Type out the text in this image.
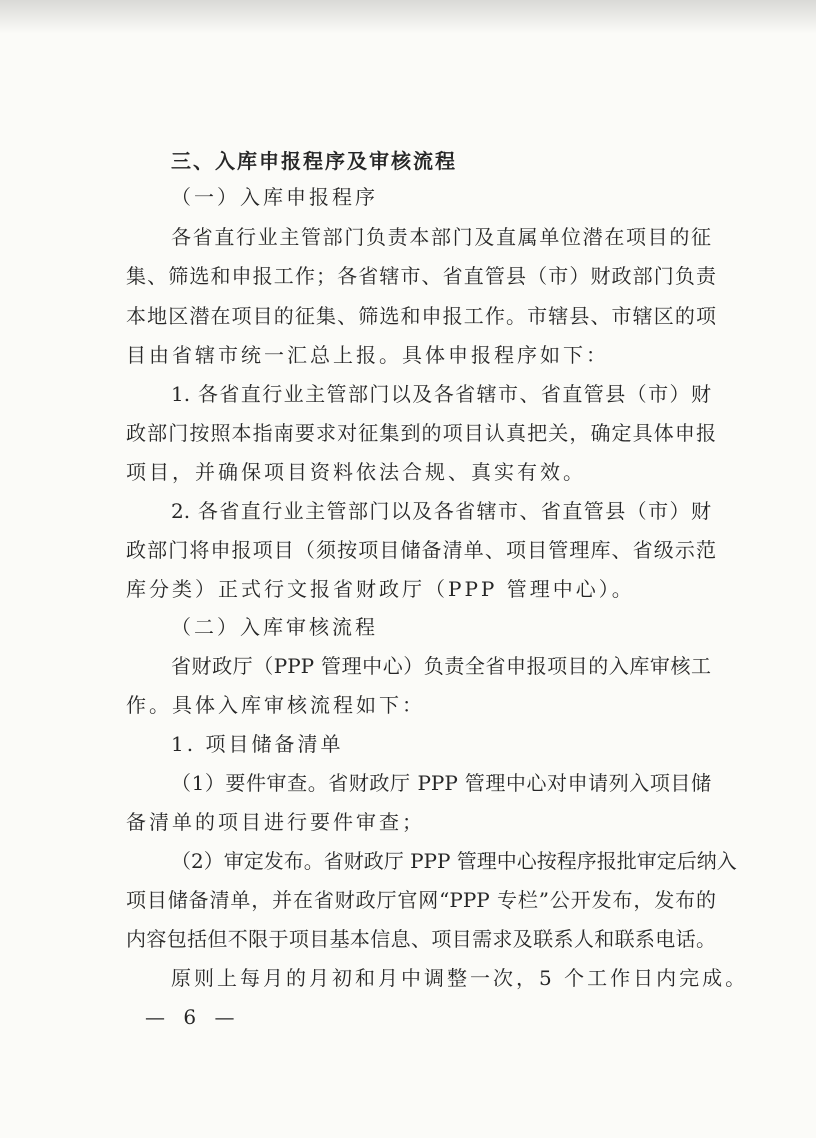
三、入库申报程序及审核流程

（一）入库申报程序

各省直行业主管部门负责本部门及直属单位潜在项目的征

集、筛选和申报工作；各省辖市、省直管县（市）财政部门负责

本地区潜在项目的征集、筛选和申报工作。市辖县、市辖区的项

目由省辖市统一汇总上报。具体申报程序如下：

1. 各省直行业主管部门以及各省辖市、省直管县（市）财

政部门按照本指南要求对征集到的项目认真把关，确定具体申报

项目，并确保项目资料依法合规、真实有效。

2. 各省直行业主管部门以及各省辖市、省直管县（市）财

政部门将申报项目（须按项目储备清单、项目管理库、省级示范

库分类）正式行文报省财政厅（PPP 管理中心）。

（二）入库审核流程

省财政厅（PPP 管理中心）负责全省申报项目的入库审核工

作。具体入库审核流程如下：

1. 项目储备清单

（1）要件审查。省财政厅 PPP 管理中心对申请列入项目储

备清单的项目进行要件审查；

（2）审定发布。省财政厅 PPP 管理中心按程序报批审定后纳入

项目储备清单，并在省财政厅官网“PPP 专栏”公开发布，发布的

内容包括但不限于项目基本信息、项目需求及联系人和联系电话。

原则上每月的月初和月中调整一次，5 个工作日内完成。

— 6 —
